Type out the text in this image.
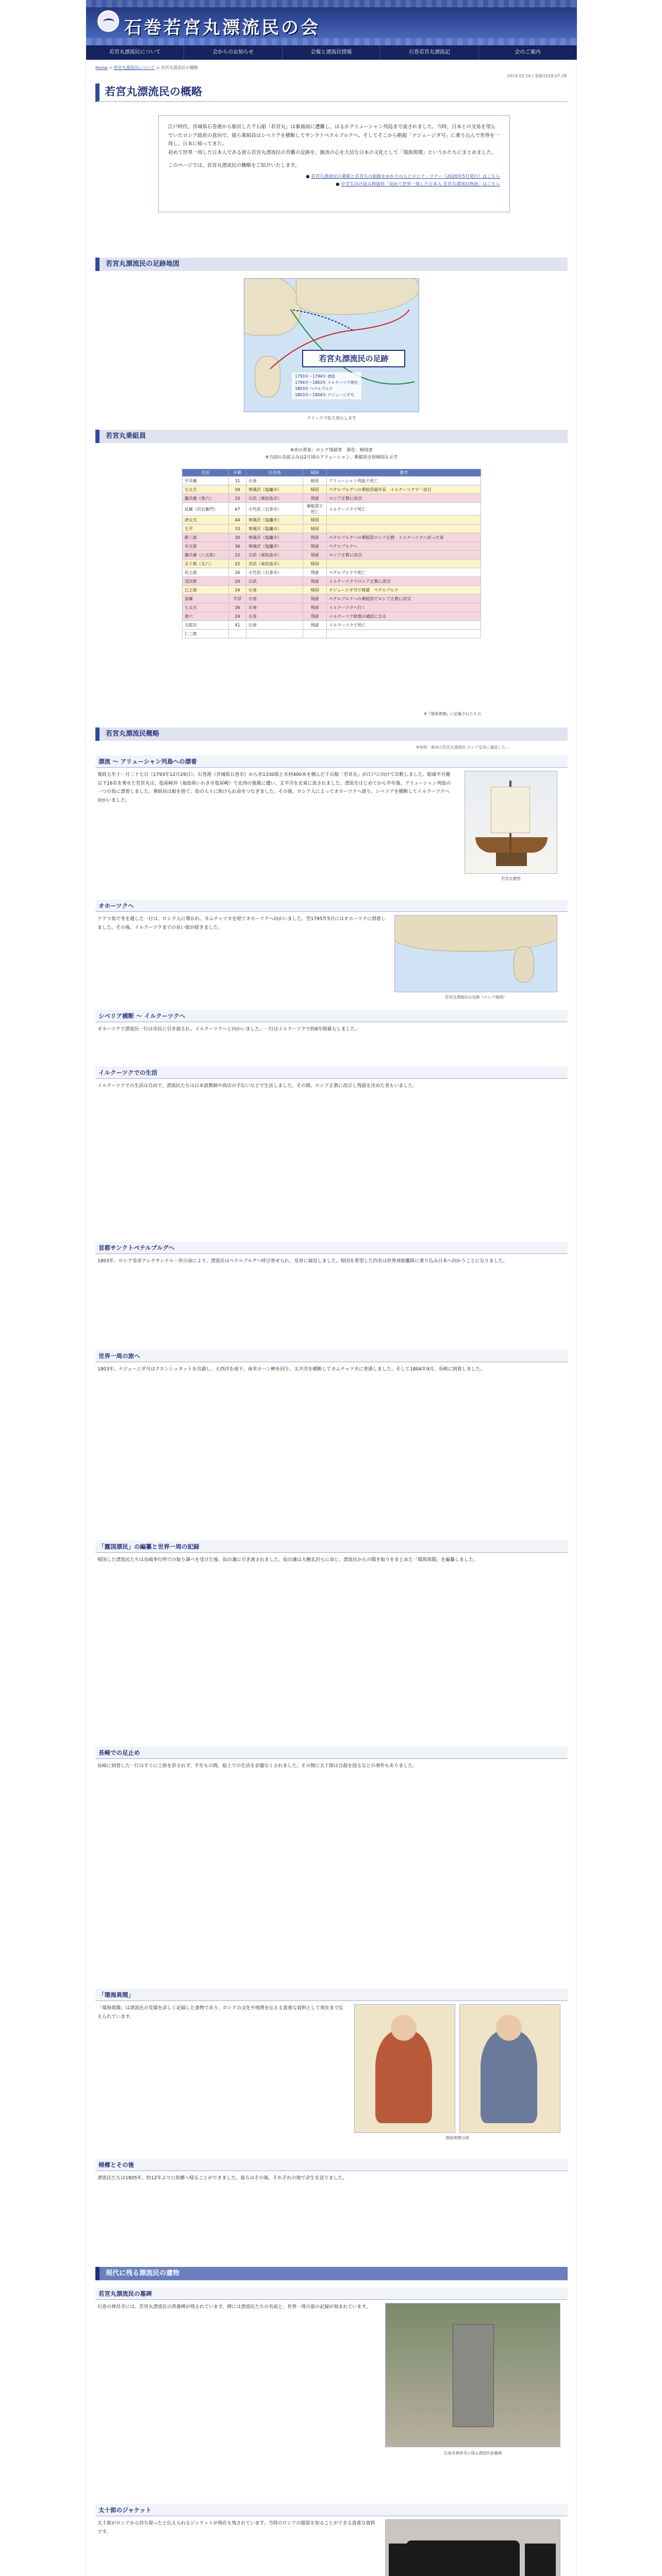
石巻若宮丸漂流民の会
若宮丸漂流民について	会からのお知らせ	会報と漂流民情報	石巻若宮丸漂流記	会のご案内
Home > 若宮丸漂流民について > 若宮丸漂流民の概略
2014.03.10 | 更新2018.07.28
若宮丸漂流民の概略

江戸時代、宮城県石巻港から船出した千石船「若宮丸」は暴風雨に遭難し、はるかアリューシャン列島まで流されました。当時、日本との交易を望んでいたロシア政府の意向で、彼ら乗組員はシベリアを横断してサンクトペテルブルクへ。そしてそこから帆船「ナジェージダ号」に乗り込んで世界を一周し、日本に帰ってきた。

初めて世界一周した日本人である彼ら若宮丸漂流民の苦難の足跡を、親善の心を大切な日本の文化として「環海異聞」というかたちにまとめました。

このページでは、若宮丸漂流民の概略をご紹介いたします。

● 若宮丸漂流民の乗組と若宮丸の航跡をゆかりの人とロシア・ツアー（2020年5月発行）はこちら
● 中学生向け読み物資料「初めて世界一周した日本人 若宮丸漂流民物語」はこちら
若宮丸漂流民の足跡地図
若宮丸漂流民の足跡
1793年〜1794年 漂流
1794年〜1803年 イルクーツク滞在
1803年 ペテルブルク
1803年〜1804年 ナジェージダ号
クリックで拡大表示します
若宮丸乗組員
※赤の背景：ロシア残留者　黄色：帰国者
※当初の名前よみは2月頃のアリューシャン、乗組員全員帰国も示す
名前	年齢	出身地	帰国	備考
平兵衛	31	石巻	病死	アリューシャン列島で死亡
左太夫	59	寒風沢（塩竈市）	帰国	ペテルブルグへの乗組員最年長　イルクーツクで一途目
儀兵衛（善六）	33	石浜（東松島市）	残留	ロシア正教に改宗
辰蔵（沢右衛門）	67	小竹浜（石巻市）	乗組員で死亡	イルクーツクで死亡
津太夫	44	寒風沢（塩竈市）	帰国	
左平	33	寒風沢（塩竈市）	帰国	
銀三郎	30	寒風沢（塩竈市）	残留	ペテルブルクへの乗組員ロシア正教　イルクーツクへ戻った者
市五郎	36	寒風沢（塩竈市）	残留	ペテルブルクへ
儀兵衛（八五郎）	22	石浜（東松島市）	残留	ロシア正教に改宗
太十郎（太八）	22	室浜（東松島市）	帰国	
民之助	26	小竹浜（石巻市）	残留	ペテルブルクで死亡
茂次郎	20	石浜	残留	イルクーツクでロシア正教に改宗
巳之助	24	石巻	帰国	ナジェージダ号で帰還　ペテルブルク
清蔵	不詳	石巻	残留	ペテルブルクへの乗組員でロシア正教に改宗
七太夫	26	石巻	残留	イルクーツクへ行く
善六	24	石巻	残留	イルクーツク総督の通訳になる
吉郎次	41	石巻	残留	イルクーツクで死亡
仁三郎				
※『環海異聞』に記載されたもの
若宮丸漂流民概略
※参照：奥州の若宮丸漂流民 ロシア皇帝に謁見した...
漂流 〜 アリューシャン列島への漂着
寛政五年十一月二十七日（1793年12月29日）、石巻港（宮城県石巻市）から米1330俵と木材400本を積んだ千石船「若宮丸」が江戸に向けて出帆しました。船頭平兵衛以下16名を乗せた若宮丸は、塩屋崎沖（福島県いわき市塩屋崎）で北西の強風に遭い、太平洋を北東に流されました。漂流をはじめてから半年後、アリューシャン列島の一つの島に漂着しました。乗組員は船を捨て、島の人々に助けられ命をつなぎました。その後、ロシア人によってオホーツクへ渡り、シベリアを横断してイルクーツクへ向かいました。
若宮丸模型
オホーツクへ
ナアツ島で冬を越した一行は、ロシア人に導かれ、カムチャツカを経てオホーツクへ向かいました。翌1795年5月にはオホーツクに到着しました。その後、イルクーツクまでの長い旅が続きました。
若宮丸漂流民の足跡（ロシア地図）
シベリア横断 〜 イルクーツクへ
オホーツクで漂流民一行は市民に引き渡され、イルクーツクへと向かいました。一行はイルクーツクで約8年間暮らしました。
イルクーツクでの生活
イルクーツクでの生活は自由で、漂流民たちは日本語教師や商店の手伝いなどで生活しました。その間、ロシア正教に改宗し残留を決めた者もいました。
首都サンクトペテルブルグへ
1803年、ロシア皇帝アレクサンドル一世の命により、漂流民はペテルブルグへ呼び寄せられ、皇帝に謁見しました。帰国を希望した四名は世界周航艦隊に乗り込み日本へ向かうことになりました。
世界一周の旅へ
1803年、ナジェージダ号はクロンシュタットを出港し、大西洋を南下、南米ホーン岬を回り、太平洋を横断してカムチャツカに寄港しました。そして1804年9月、長崎に到着しました。
「露国漂民」の編纂と世界一周の記録
帰国した漂流民たちは長崎奉行所での取り調べを受けた後、仙台藩に引き渡されました。仙台藩は大槻玄沢らに命じ、漂流民からの聞き取りをまとめた「環海異聞」を編纂しました。
長崎での足止め
長崎に到着した一行はすぐに上陸を許されず、半年もの間、船上での生活を余儀なくされました。その間に太十郎は自殺を図るなどの事件もありました。
「環海異聞」
「環海異聞」は漂流民の見聞を詳しく記録した書物であり、ロシアの文化や地理を伝える貴重な資料として現在まで伝えられています。
環海異聞の図
帰郷とその後
漂流民たちは1805年、約12年ぶりに故郷へ帰ることができました。彼らはその後、それぞれの地で余生を送りました。
現代に残る漂流民の遺物
若宮丸漂流民の墓碑
石巻の禅昌寺には、若宮丸漂流民の供養碑が残されています。碑には漂流民たちの名前と、世界一周の旅の記録が刻まれています。
石巻市禅昌寺に残る漂流民供養碑
太十郎のジャケット
太十郎がロシアから持ち帰ったと伝えられるジャケットが現在も残されています。当時のロシアの服装を知ることができる貴重な資料です。
